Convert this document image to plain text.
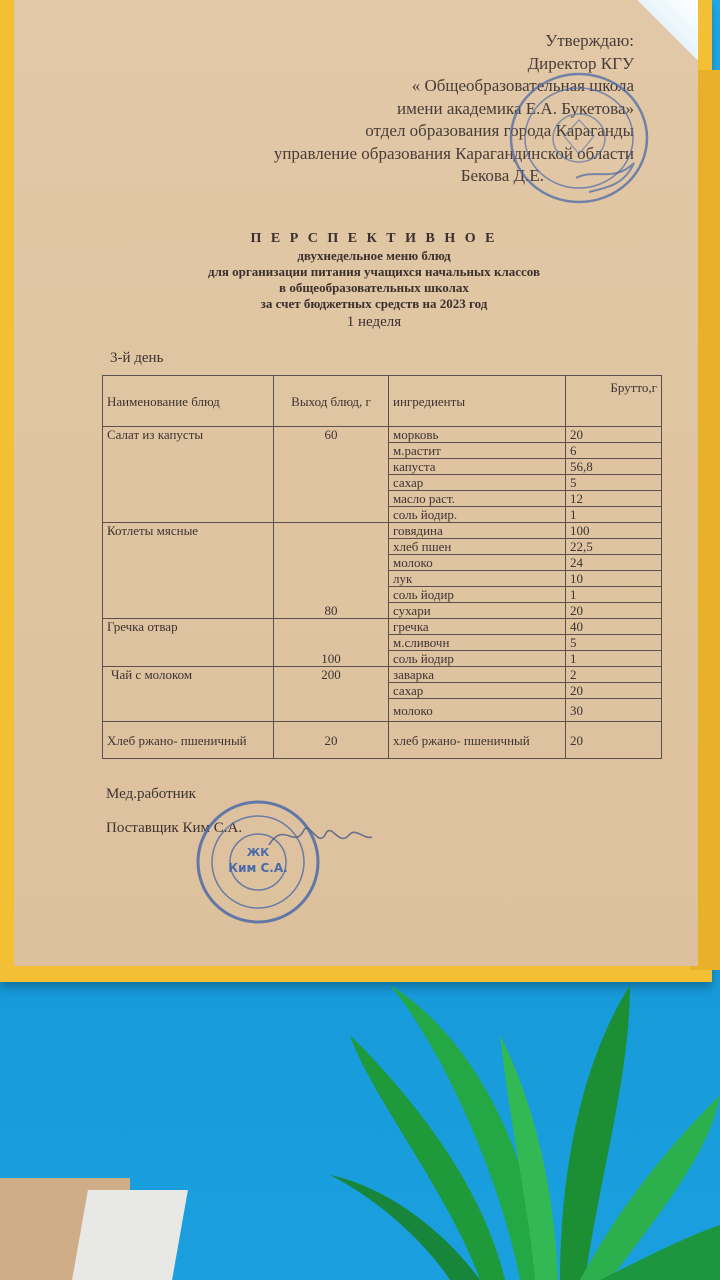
Утверждаю:
Директор КГУ
« Общеобразовательная школа
имени академика Е.А. Букетова»
отдел образования города Караганды
управление образования Карагандинской области
Бекова Д.Е.
П Е Р С П Е К Т И В Н О Е
двухнедельное меню блюд
для организации питания учащихся начальных классов
в общеобразовательных школах
за счет бюджетных средств на 2023 год
1 неделя
3-й день
Наименование блюд	Выход блюд, г	ингредиенты	Брутто,г
Салат из капусты	60	морковь	20
		м.растит	6
		капуста	56,8
		сахар	5
		масло раст.	12
		соль йодир.	1
Котлеты мясные	80	говядина	100
		хлеб пшен	22,5
		молоко	24
		лук	10
		соль йодир	1
		сухари	20
Гречка отвар	100	гречка	40
		м.сливочн	5
		соль йодир	1
Чай с молоком	200	заварка	2
		сахар	20
		молоко	30
Хлеб ржано- пшеничный	20	хлеб ржано- пшеничный	20
Мед.работник
Поставщик Ким С.А.
ЖК
Ким С.А.
